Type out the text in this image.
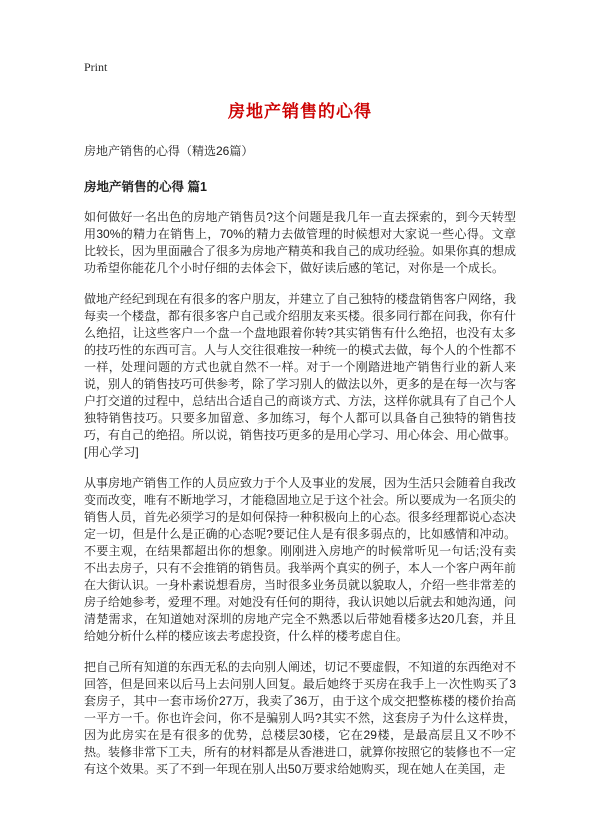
Print
房地产销售的心得
房地产销售的心得（精选26篇）
房地产销售的心得 篇1

如何做好一名出色的房地产销售员?这个问题是我几年一直去探索的，到今天转型用30%的精力在销售上，70%的精力去做管理的时候想对大家说一些心得。文章比较长，因为里面融合了很多为房地产精英和我自己的成功经验。如果你真的想成功希望你能花几个小时仔细的去体会下，做好读后感的笔记，对你是一个成长。

做地产经纪到现在有很多的客户朋友，并建立了自己独特的楼盘销售客户网络，我每卖一个楼盘，都有很多客户自己或介绍朋友来买楼。很多同行都在问我，你有什么绝招，让这些客户一个盘一个盘地跟着你转?其实销售有什么绝招，也没有太多的技巧性的东西可言。人与人交往很难按一种统一的模式去做，每个人的个性都不一样，处理问题的方式也就自然不一样。对于一个刚踏进地产销售行业的新人来说，别人的销售技巧可供参考，除了学习别人的做法以外，更多的是在每一次与客户打交道的过程中，总结出合适自己的商谈方式、方法，这样你就具有了自己个人独特销售技巧。只要多加留意、多加练习，每个人都可以具备自己独特的销售技巧，有自己的绝招。所以说，销售技巧更多的是用心学习、用心体会、用心做事。 [用心学习]

从事房地产销售工作的人员应致力于个人及事业的发展，因为生活只会随着自我改变而改变，唯有不断地学习，才能稳固地立足于这个社会。所以要成为一名顶尖的销售人员，首先必须学习的是如何保持一种积极向上的心态。很多经理都说心态决定一切，但是什么是正确的心态呢?要记住人是有很多弱点的，比如感情和冲动。不要主观，在结果都超出你的想象。刚刚进入房地产的时候常听见一句话;没有卖不出去房子，只有不会推销的销售员。我举两个真实的例子，本人一个客户两年前在大街认识。一身朴素说想看房，当时很多业务员就以貌取人，介绍一些非常差的房子给她参考，爱理不理。对她没有任何的期待，我认识她以后就去和她沟通，问清楚需求，在知道她对深圳的房地产完全不熟悉以后带她看楼多达20几套，并且给她分析什么样的楼应该去考虑投资，什么样的楼考虑自住。

把自己所有知道的东西无私的去向别人阐述，切记不要虚假，不知道的东西绝对不回答，但是回来以后马上去问别人回复。最后她终于买房在我手上一次性购买了3套房子，其中一套市场价27万，我卖了36万，由于这个成交把整栋楼的楼价抬高一平方一千。你也许会问，你不是骗别人吗?其实不然，这套房子为什么这样贵，因为此房实在是有很多的优势，总楼层30楼，它在29楼，是最高层且又不吵不热。装修非常下工夫，所有的材料都是从香港进口，就算你按照它的装修也不一定有这个效果。买了不到一年现在别人出50万要求给她购买，现在她人在美国，走
